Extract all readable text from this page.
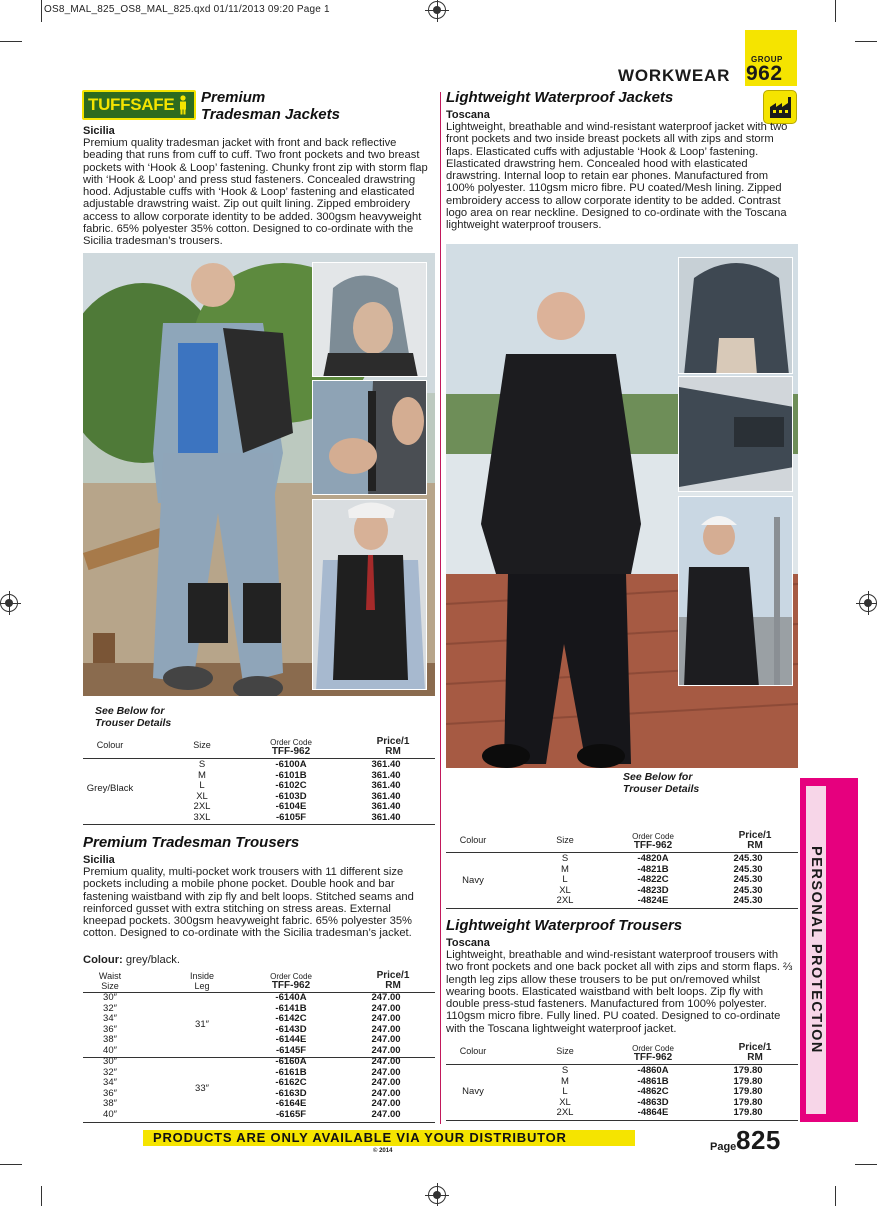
OS8_MAL_825_OS8_MAL_825.qxd 01/11/2013 09:20 Page 1
GROUP
962
WORKWEAR
TUFFSAFE Premium
Tradesman Jackets
Sicilia
Premium quality tradesman jacket with front and back reflective beading that runs from cuff to cuff. Two front pockets and two breast pockets with ‘Hook & Loop’ fastening. Chunky front zip with storm flap with ‘Hook & Loop’ and press stud fasteners. Concealed drawstring hood. Adjustable cuffs with ‘Hook & Loop’ fastening and elasticated adjustable drawstring waist. Zip out quilt lining. Zipped embroidery access to allow corporate identity to be added. 300gsm heavyweight fabric. 65% polyester 35% cotton. Designed to co-ordinate with the Sicilia tradesman’s trousers.
See Below for
Trouser Details
Colour	Size	Order Code
TFF-962
Price/1
RM
Grey/Black
S	-6100A	361.40
M	-6101B	361.40
L	-6102C	361.40
XL	-6103D	361.40
2XL	-6104E	361.40
3XL	-6105F	361.40
Premium Tradesman Trousers
Sicilia
Premium quality, multi-pocket work trousers with 11 different size pockets including a mobile phone pocket. Double hook and bar fastening waistband with zip fly and belt loops. Stitched seams and reinforced gusset with extra stitching on stress areas. External kneepad pockets. 300gsm heavyweight fabric. 65% polyester 35% cotton. Designed to co-ordinate with the Sicilia tradesman’s jacket.
Colour: grey/black.
Waist
Size
Inside
Leg
Order Code
TFF-962
Price/1
RM
31″
30″	-6140A	247.00
32″	-6141B	247.00
34″	-6142C	247.00
36″	-6143D	247.00
38″	-6144E	247.00
40″	-6145F	247.00
33″
30″	-6160A	247.00
32″	-6161B	247.00
34″	-6162C	247.00
36″	-6163D	247.00
38″	-6164E	247.00
40″	-6165F	247.00
Lightweight Waterproof Jackets
Toscana
Lightweight, breathable and wind-resistant waterproof jacket with two front pockets and two inside breast pockets all with zips and storm flaps. Elasticated cuffs with adjustable ‘Hook & Loop’ fastening. Elasticated drawstring hem. Concealed hood with elasticated drawstring. Internal loop to retain ear phones. Manufactured from 100% polyester. 110gsm micro fibre. PU coated/Mesh lining. Zipped embroidery access to allow corporate identity to be added. Contrast logo area on rear neckline. Designed to co-ordinate with the Toscana lightweight waterproof trousers.
See Below for
Trouser Details
Colour	Size	Order Code
TFF-962
Price/1
RM
Navy
S	-4820A	245.30
M	-4821B	245.30
L	-4822C	245.30
XL	-4823D	245.30
2XL	-4824E	245.30
Lightweight Waterproof Trousers
Toscana
Lightweight, breathable and wind-resistant waterproof trousers with two front pockets and one back pocket all with zips and storm flaps. ⅔ length leg zips allow these trousers to be put on/removed whilst wearing boots. Elasticated waistband with belt loops. Zip fly with double press-stud fasteners. Manufactured from 100% polyester. 110gsm micro fibre. Fully lined. PU coated. Designed to co-ordinate with the Toscana lightweight waterproof jacket.
Colour	Size	Order Code
TFF-962
Price/1
RM
Navy
S	-4860A	179.80
M	-4861B	179.80
L	-4862C	179.80
XL	-4863D	179.80
2XL	-4864E	179.80
PERSONAL PROTECTION
PRODUCTS ARE ONLY AVAILABLE VIA YOUR DISTRIBUTOR
© 2014	Page 825
